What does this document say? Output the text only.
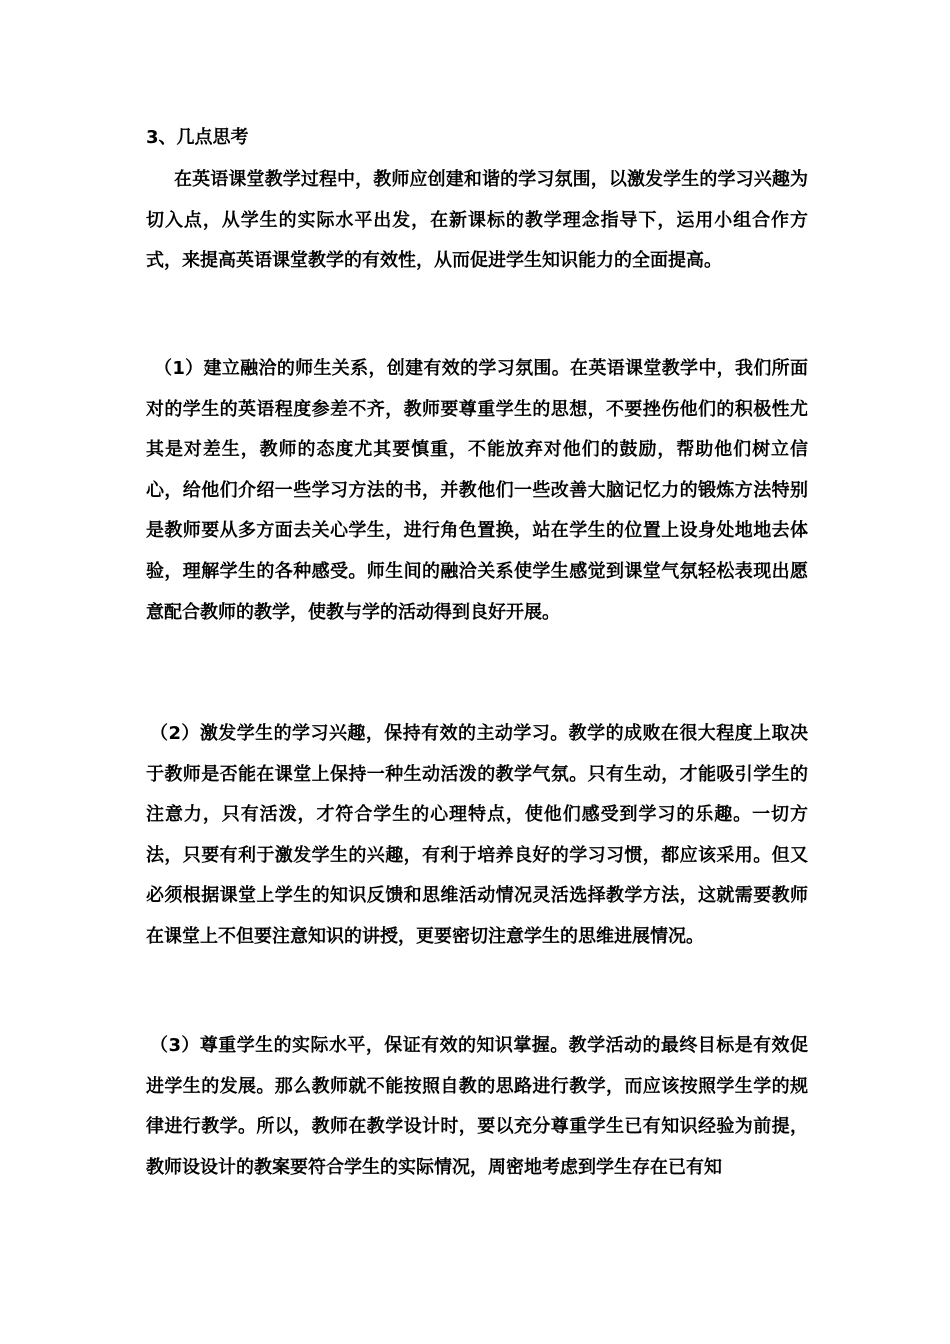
3、几点思考

在英语课堂教学过程中，教师应创建和谐的学习氛围，以激发学生的学习兴趣为切入点，从学生的实际水平出发，在新课标的教学理念指导下，运用小组合作方式，来提高英语课堂教学的有效性，从而促进学生知识能力的全面提高。

（1）建立融洽的师生关系，创建有效的学习氛围。在英语课堂教学中，我们所面对的学生的英语程度参差不齐，教师要尊重学生的思想，不要挫伤他们的积极性尤其是对差生，教师的态度尤其要慎重，不能放弃对他们的鼓励，帮助他们树立信心，给他们介绍一些学习方法的书，并教他们一些改善大脑记忆力的锻炼方法特别是教师要从多方面去关心学生，进行角色置换，站在学生的位置上设身处地地去体验，理解学生的各种感受。师生间的融洽关系使学生感觉到课堂气氛轻松表现出愿意配合教师的教学，使教与学的活动得到良好开展。

（2）激发学生的学习兴趣，保持有效的主动学习。教学的成败在很大程度上取决于教师是否能在课堂上保持一种生动活泼的教学气氛。只有生动，才能吸引学生的注意力，只有活泼，才符合学生的心理特点，使他们感受到学习的乐趣。一切方法，只要有利于激发学生的兴趣，有利于培养良好的学习习惯，都应该采用。但又必须根据课堂上学生的知识反馈和思维活动情况灵活选择教学方法，这就需要教师在课堂上不但要注意知识的讲授，更要密切注意学生的思维进展情况。

（3）尊重学生的实际水平，保证有效的知识掌握。教学活动的最终目标是有效促进学生的发展。那么教师就不能按照自教的思路进行教学，而应该按照学生学的规律进行教学。所以，教师在教学设计时，要以充分尊重学生已有知识经验为前提，教师设设计的教案要符合学生的实际情况，周密地考虑到学生存在已有知
